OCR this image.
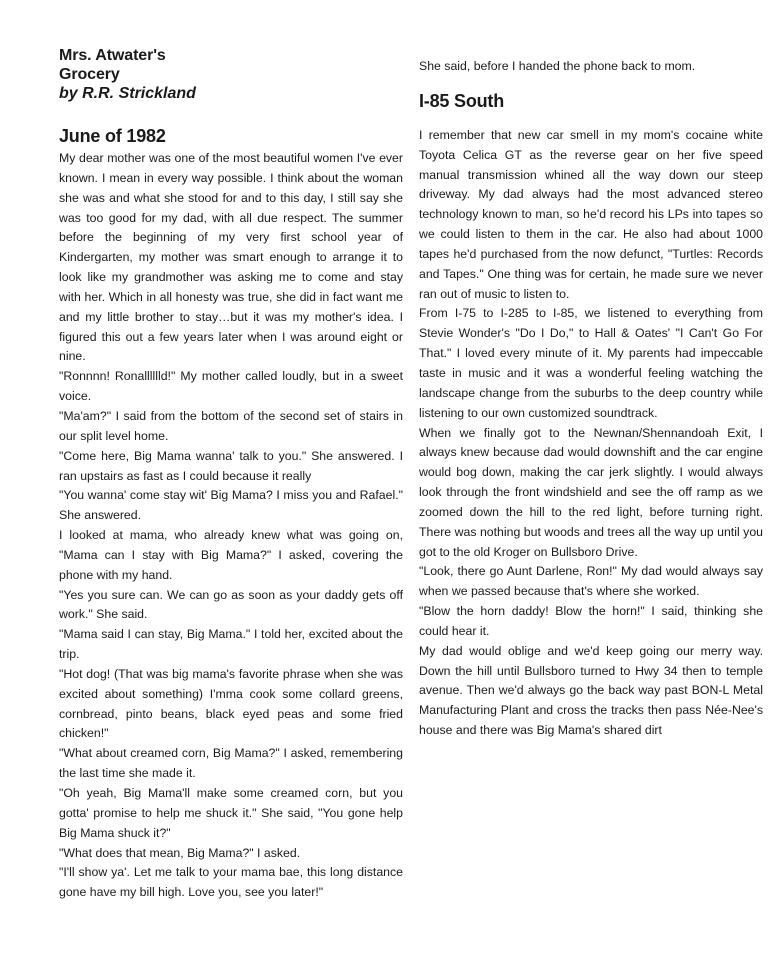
Mrs. Atwater's
Grocery

by R.R. Strickland

June of 1982

My dear mother was one of the most beautiful women I've ever known. I mean in every way possible. I think about the woman she was and what she stood for and to this day, I still say she was too good for my dad, with all due respect. The summer before the beginning of my very first school year of Kindergarten, my mother was smart enough to arrange it to look like my grandmother was asking me to come and stay with her. Which in all honesty was true, she did in fact want me and my little brother to stay…but it was my mother's idea. I figured this out a few years later when I was around eight or nine.

"Ronnnn! Ronalllllld!" My mother called loudly, but in a sweet voice.

"Ma'am?" I said from the bottom of the second set of stairs in our split level home.

"Come here, Big Mama wanna' talk to you." She answered. I ran upstairs as fast as I could because it really

"You wanna' come stay wit' Big Mama? I miss you and Rafael." She answered.

I looked at mama, who already knew what was going on, "Mama can I stay with Big Mama?" I asked, covering the phone with my hand.

"Yes you sure can. We can go as soon as your daddy gets off work." She said.

"Mama said I can stay, Big Mama." I told her, excited about the trip.

"Hot dog! (That was big mama's favorite phrase when she was excited about something) I'mma cook some collard greens, cornbread, pinto beans, black eyed peas and some fried chicken!"

"What about creamed corn, Big Mama?" I asked, remembering the last time she made it.

"Oh yeah, Big Mama'll make some creamed corn, but you gotta' promise to help me shuck it." She said, "You gone help Big Mama shuck it?"

"What does that mean, Big Mama?" I asked.

"I'll show ya'. Let me talk to your mama bae, this long distance gone have my bill high. Love you, see you later!"

She said, before I handed the phone back to mom.

I-85 South

I remember that new car smell in my mom's cocaine white Toyota Celica GT as the reverse gear on her five speed manual transmission whined all the way down our steep driveway. My dad always had the most advanced stereo technology known to man, so he'd record his LPs into tapes so we could listen to them in the car. He also had about 1000 tapes he'd purchased from the now defunct, "Turtles: Records and Tapes." One thing was for certain, he made sure we never ran out of music to listen to.

From I-75 to I-285 to I-85, we listened to everything from Stevie Wonder's "Do I Do," to Hall & Oates' "I Can't Go For That." I loved every minute of it. My parents had impeccable taste in music and it was a wonderful feeling watching the landscape change from the suburbs to the deep country while listening to our own customized soundtrack.

When we finally got to the Newnan/Shennandoah Exit, I always knew because dad would downshift and the car engine would bog down, making the car jerk slightly. I would always look through the front windshield and see the off ramp as we zoomed down the hill to the red light, before turning right. There was nothing but woods and trees all the way up until you got to the old Kroger on Bullsboro Drive.

"Look, there go Aunt Darlene, Ron!" My dad would always say when we passed because that's where she worked.

"Blow the horn daddy! Blow the horn!" I said, thinking she could hear it.

My dad would oblige and we'd keep going our merry way. Down the hill until Bullsboro turned to Hwy 34 then to temple avenue. Then we'd always go the back way past BON-L Metal Manufacturing Plant and cross the tracks then pass Née-Nee's house and there was Big Mama's shared dirt
